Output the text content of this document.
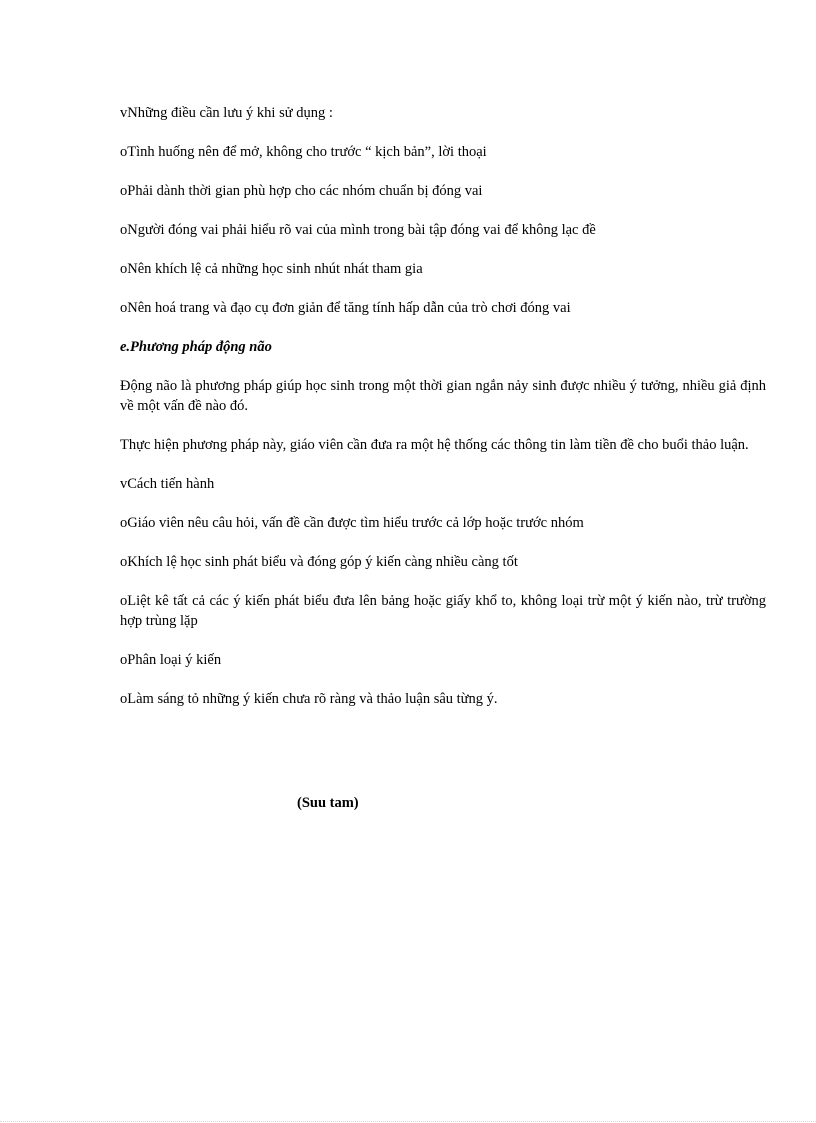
vNhững điều cần lưu ý khi sử dụng :

oTình huống nên để mở, không cho trước “ kịch bản”, lời thoại

oPhải dành thời gian phù hợp cho các nhóm chuẩn bị đóng vai

oNgười đóng vai phải hiểu rõ vai của mình trong bài tập đóng vai để không lạc đề

oNên khích lệ cả những học sinh nhút nhát tham gia

oNên hoá trang và đạo cụ đơn giản để tăng tính hấp dẫn của trò chơi đóng vai

e.Phương pháp động não

Động não là phương pháp giúp học sinh trong một thời gian ngắn nảy sinh được nhiều ý tưởng, nhiều giả định về một vấn đề nào đó.

Thực hiện phương pháp này, giáo viên cần đưa ra một hệ thống các thông tin làm tiền đề cho buổi thảo luận.

vCách tiến hành

oGiáo viên nêu câu hỏi, vấn đề cần được tìm hiểu trước cả lớp hoặc trước nhóm

oKhích lệ học sinh phát biểu và đóng góp ý kiến càng nhiều càng tốt

oLiệt kê tất cả các ý kiến phát biểu đưa lên bảng hoặc giấy khổ to, không loại trừ một ý kiến nào, trừ trường hợp trùng lặp

oPhân loại ý kiến

oLàm sáng tỏ những ý kiến chưa rõ ràng và thảo luận sâu từng ý.

(Suu tam)
